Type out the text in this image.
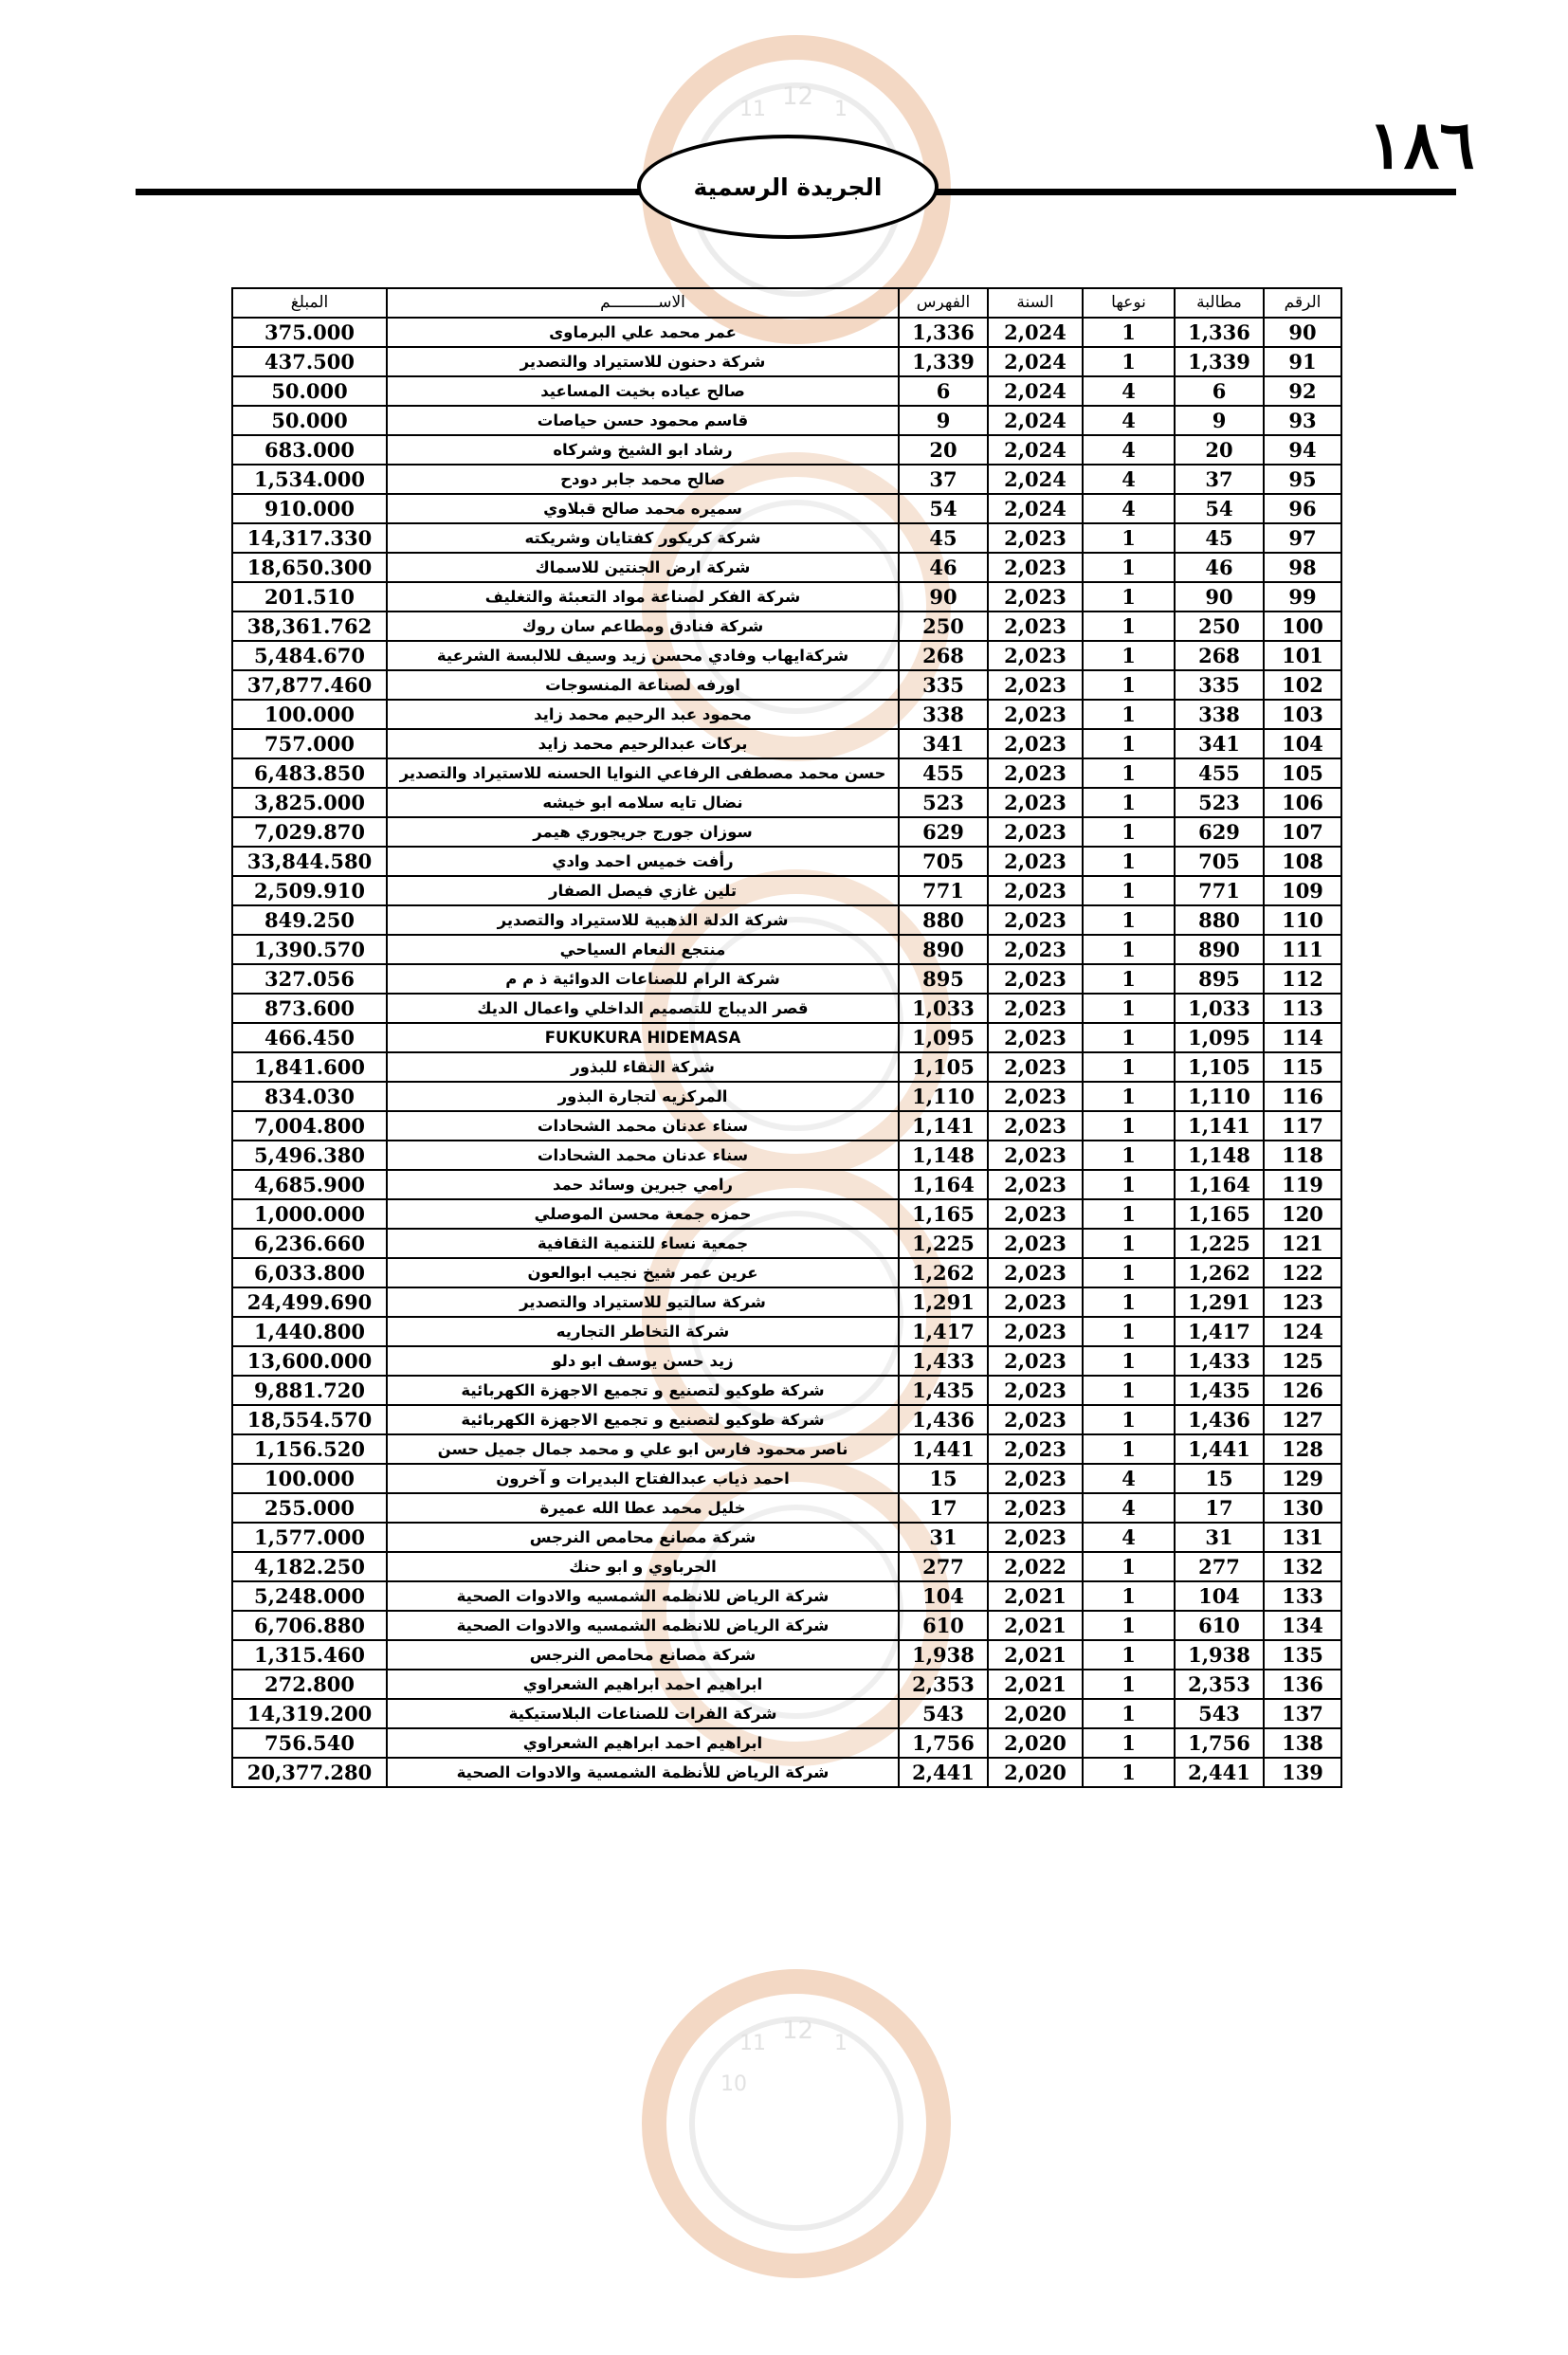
12
11	1
12
11
10
1
الجريدة الرسمية
١٨٦
الرقم	مطالبة	نوعها	السنة	الفهرس	الاســــــــــم	المبلغ
90	1,336	1	2,024	1,336	عمر محمد علي البرماوى	375.000
91	1,339	1	2,024	1,339	شركة دحنون للاستيراد والتصدير	437.500
92	6	4	2,024	6	صالح عياده بخيت المساعيد	50.000
93	9	4	2,024	9	قاسم محمود حسن حياصات	50.000
94	20	4	2,024	20	رشاد ابو الشيخ وشركاه	683.000
95	37	4	2,024	37	صالح محمد جابر دودح	1,534.000
96	54	4	2,024	54	سميره محمد صالح قبلاوي	910.000
97	45	1	2,023	45	شركة كريكور كفتايان وشريكته	14,317.330
98	46	1	2,023	46	شركة ارض الجنتين للاسماك	18,650.300
99	90	1	2,023	90	شركة الفكر لصناعة مواد التعبئة والتغليف	201.510
100	250	1	2,023	250	شركة فنادق ومطاعم سان روك	38,361.762
101	268	1	2,023	268	شركةايهاب وفادي محسن زيد وسيف للالبسة الشرعية	5,484.670
102	335	1	2,023	335	اورفه لصناعة المنسوجات	37,877.460
103	338	1	2,023	338	محمود عبد الرحيم محمد زايد	100.000
104	341	1	2,023	341	بركات عبدالرحيم محمد زايد	757.000
105	455	1	2,023	455	حسن محمد مصطفى الرفاعي النوايا الحسنه للاستيراد والتصدير	6,483.850
106	523	1	2,023	523	نضال تايه سلامه ابو خيشه	3,825.000
107	629	1	2,023	629	سوزان جورج جريجوري هيمر	7,029.870
108	705	1	2,023	705	رأفت خميس احمد وادي	33,844.580
109	771	1	2,023	771	تلين غازي فيصل الصفار	2,509.910
110	880	1	2,023	880	شركة الدلة الذهبية للاستيراد والتصدير	849.250
111	890	1	2,023	890	منتجع النعام السياحي	1,390.570
112	895	1	2,023	895	شركة الرام للصناعات الدوائية ذ م م	327.056
113	1,033	1	2,023	1,033	قصر الديباج للتصميم الداخلي واعمال الديك	873.600
114	1,095	1	2,023	1,095	FUKUKURA HIDEMASA	466.450
115	1,105	1	2,023	1,105	شركة النقاء للبذور	1,841.600
116	1,110	1	2,023	1,110	المركزيه لتجارة البذور	834.030
117	1,141	1	2,023	1,141	سناء عدنان محمد الشحادات	7,004.800
118	1,148	1	2,023	1,148	سناء عدنان محمد الشحادات	5,496.380
119	1,164	1	2,023	1,164	رامي جبرين وسائد حمد	4,685.900
120	1,165	1	2,023	1,165	حمزه جمعة محسن الموصلي	1,000.000
121	1,225	1	2,023	1,225	جمعية نساء للتنمية الثقافية	6,236.660
122	1,262	1	2,023	1,262	عرين عمر شيخ نجيب ابوالعون	6,033.800
123	1,291	1	2,023	1,291	شركة سالتيو للاستيراد والتصدير	24,499.690
124	1,417	1	2,023	1,417	شركة التخاطر التجاريه	1,440.800
125	1,433	1	2,023	1,433	زيد حسن يوسف ابو دلو	13,600.000
126	1,435	1	2,023	1,435	شركة طوكيو لتصنيع و تجميع الاجهزة الكهربائية	9,881.720
127	1,436	1	2,023	1,436	شركة طوكيو لتصنيع و تجميع الاجهزة الكهربائية	18,554.570
128	1,441	1	2,023	1,441	ناصر محمود فارس ابو علي و محمد جمال جميل حسن	1,156.520
129	15	4	2,023	15	احمد ذياب عبدالفتاح البديرات و آخرون	100.000
130	17	4	2,023	17	خليل محمد عطا الله عميرة	255.000
131	31	4	2,023	31	شركة مصانع محامص النرجس	1,577.000
132	277	1	2,022	277	الحرباوي و ابو حنك	4,182.250
133	104	1	2,021	104	شركة الرياض للانظمه الشمسيه والادوات الصحية	5,248.000
134	610	1	2,021	610	شركة الرياض للانظمه الشمسيه والادوات الصحية	6,706.880
135	1,938	1	2,021	1,938	شركة مصانع محامص النرجس	1,315.460
136	2,353	1	2,021	2,353	ابراهيم احمد ابراهيم الشعراوي	272.800
137	543	1	2,020	543	شركة الفرات للصناعات البلاستيكية	14,319.200
138	1,756	1	2,020	1,756	ابراهيم احمد ابراهيم الشعراوي	756.540
139	2,441	1	2,020	2,441	شركة الرياض للأنظمة الشمسية والادوات الصحية	20,377.280
